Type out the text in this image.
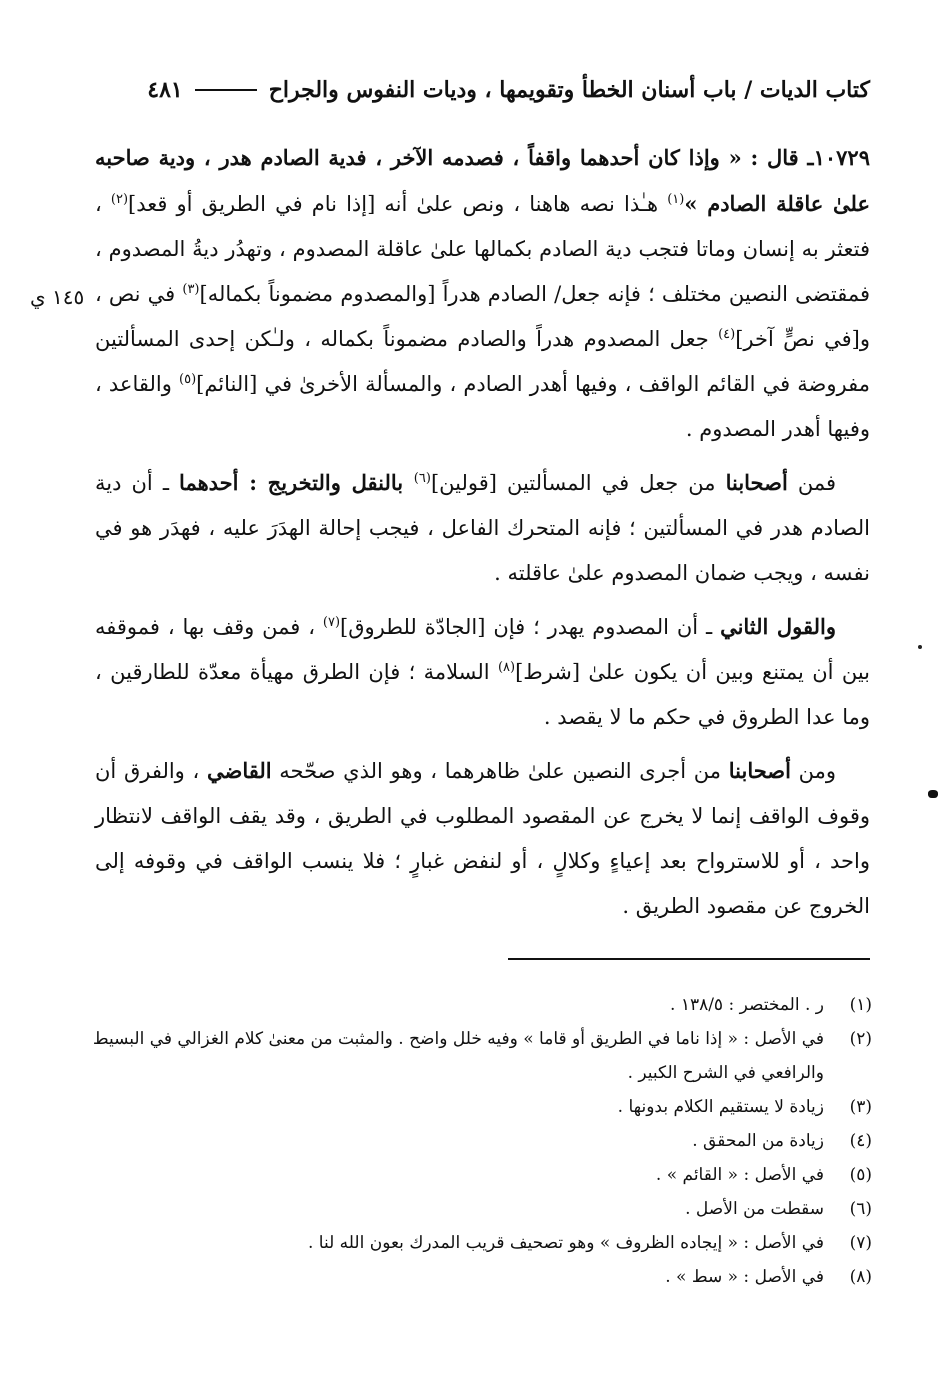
كتاب الديات / باب أسنان الخطأ وتقويمها ، وديات النفوس والجراح
٤٨١
١٤٥ ي

١٠٧٢٩ـ قال : « وإذا كان أحدهما واقفاً ، فصدمه الآخر ، فدية الصادم هدر ، ودية صاحبه علىٰ عاقلة الصادم »$^{(١)}$ هـٰذا نصه هاهنا ، ونص علىٰ أنه [إذا نام في الطريق أو قعد]$^{(٢)}$ ، فتعثر به إنسان وماتا فتجب دية الصادم بكمالها علىٰ عاقلة المصدوم ، وتهدُر ديةُ المصدوم ، فمقتضى النصين مختلف ؛ فإنه جعل/ الصادم هدراً [والمصدوم مضموناً بكماله]$^{(٣)}$ في نص ، و[في نصٍّ آخر]$^{(٤)}$ جعل المصدوم هدراً والصادم مضموناً بكماله ، ولـٰكن إحدى المسألتين مفروضة في القائم الواقف ، وفيها أهدر الصادم ، والمسألة الأخرىٰ في [النائم]$^{(٥)}$ والقاعد ، وفيها أهدر المصدوم .

فمن أصحابنا من جعل في المسألتين [قولين]$^{(٦)}$ بالنقل والتخريج : أحدهما ـ أن دية الصادم هدر في المسألتين ؛ فإنه المتحرك الفاعل ، فيجب إحالة الهدَرَ عليه ، فهدَر هو في نفسه ، ويجب ضمان المصدوم علىٰ عاقلته .

والقول الثاني ـ أن المصدوم يهدر ؛ فإن [الجادّة للطروق]$^{(٧)}$ ، فمن وقف بها ، فموقفه بين أن يمتنع وبين أن يكون علىٰ [شرط]$^{(٨)}$ السلامة ؛ فإن الطرق مهيأة معدّة للطارقين ، وما عدا الطروق في حكم ما لا يقصد .

ومن أصحابنا من أجرى النصين علىٰ ظاهرهما ، وهو الذي صحّحه القاضي ، والفرق أن وقوف الواقف إنما لا يخرج عن المقصود المطلوب في الطريق ، وقد يقف الواقف لانتظار واحد ، أو للاسترواح بعد إعياءٍ وكلالٍ ، أو لنفض غبارٍ ؛ فلا ينسب الواقف في وقوفه إلى الخروج عن مقصود الطريق .

(١)
ر . المختصر : ١٣٨/٥ .
(٢)
في الأصل : « إذا ناما في الطريق أو قاما » وفيه خلل واضح . والمثبت من معنىٰ كلام الغزالي في البسيط والرافعي في الشرح الكبير .
(٣)
زيادة لا يستقيم الكلام بدونها .
(٤)
زيادة من المحقق .
(٥)
في الأصل : « القائم » .
(٦)
سقطت من الأصل .
(٧)
في الأصل : « إيجاده الظروف » وهو تصحيف قريب المدرك بعون الله لنا .
(٨)
في الأصل : « سط » .
